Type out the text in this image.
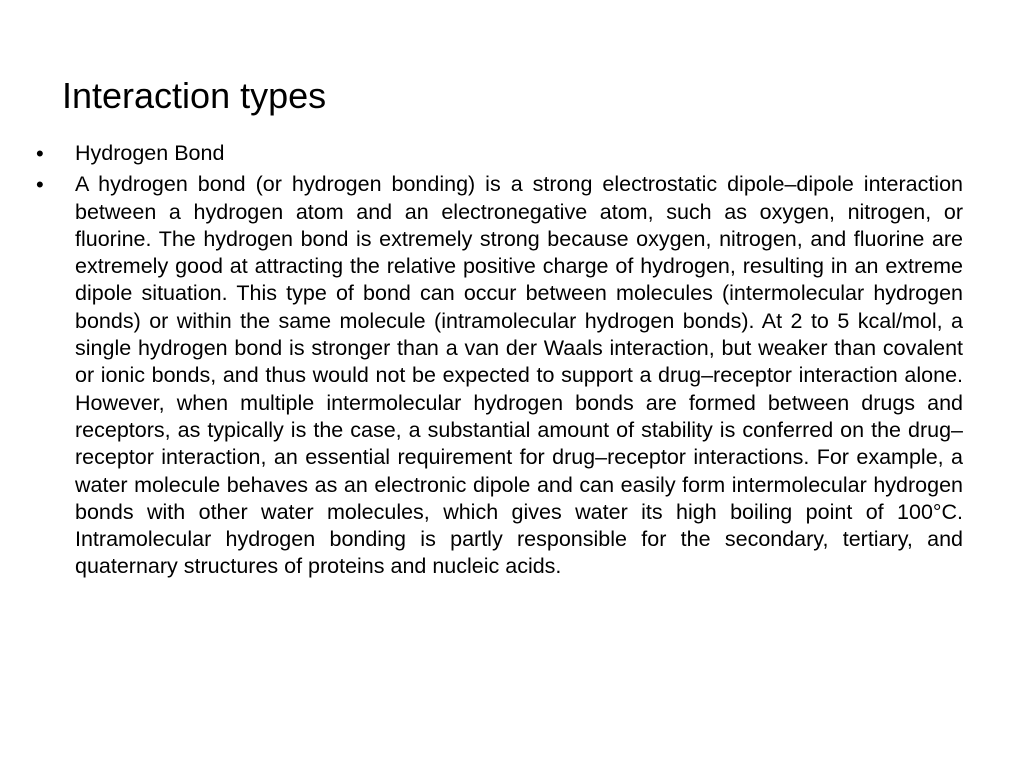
Interaction types
• Hydrogen Bond
• A hydrogen bond (or hydrogen bonding) is a strong electrostatic dipole–dipole interaction between a hydrogen atom and an electronegative atom, such as oxygen, nitrogen, or fluorine. The hydrogen bond is extremely strong because oxygen, nitrogen, and fluorine are extremely good at attracting the relative positive charge of hydrogen, resulting in an extreme dipole situation. This type of bond can occur between molecules (intermolecular hydrogen bonds) or within the same molecule (intramolecular hydrogen bonds). At 2 to 5 kcal/mol, a single hydrogen bond is stronger than a van der Waals interaction, but weaker than covalent or ionic bonds, and thus would not be expected to support a drug–receptor interaction alone. However, when multiple intermolecular hydrogen bonds are formed between drugs and receptors, as typically is the case, a substantial amount of stability is conferred on the drug–receptor interaction, an essential requirement for drug–receptor interactions. For example, a water molecule behaves as an electronic dipole and can easily form intermolecular hydrogen bonds with other water molecules, which gives water its high boiling point of 100°C. Intramolecular hydrogen bonding is partly responsible for the secondary, tertiary, and quaternary structures of proteins and nucleic acids.
